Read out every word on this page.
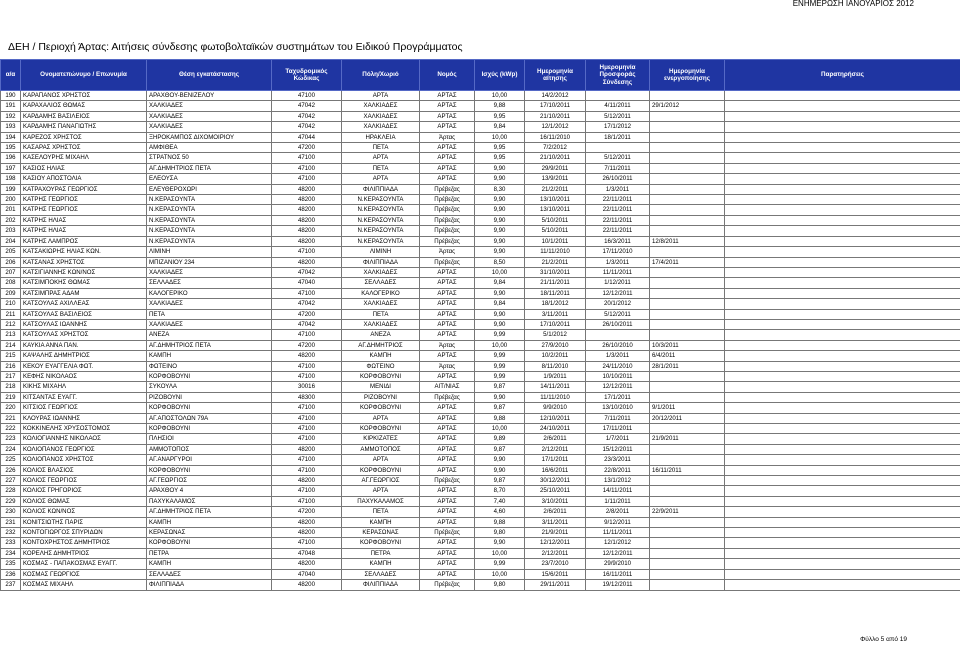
ΕΝΗΜΕΡΩΣΗ ΙΑΝΟΥΑΡΙΟΣ 2012
ΔΕΗ / Περιοχή Άρτας: Αιτήσεις σύνδεσης φωτοβολταϊκών συστημάτων του Ειδικού Προγράμματος
α/α	Ονοματεπώνυμο / Επωνυμία	Θέση εγκατάστασης	Ταχυδρομικός Κώδικας	Πόλη/Χωριό	Νομός	Ισχύς (kWp)	Ημερομηνία αίτησης	Ημερομηνία Προσφοράς Σύνδεσης	Ημερομηνία ενεργοποίησης	Παρατηρήσεις
190	ΚΑΡΑΠΑΝΟΣ ΧΡΗΣΤΟΣ	ΑΡΑΧΘΟΥ-ΒΕΝΙΖΕΛΟΥ	47100	ΑΡΤΑ	ΑΡΤΑΣ	10,00	14/2/2012			
191	ΚΑΡΑΧΑΛΙΟΣ ΘΩΜΑΣ	ΧΑΛΚΙΑΔΕΣ	47042	ΧΑΛΚΙΑΔΕΣ	ΑΡΤΑΣ	9,88	17/10/2011	4/11/2011	29/1/2012	
192	ΚΑΡΔΑΜΗΣ ΒΑΣΙΛΕΙΟΣ	ΧΑΛΚΙΑΔΕΣ	47042	ΧΑΛΚΙΑΔΕΣ	ΑΡΤΑΣ	9,95	21/10/2011	5/12/2011		
193	ΚΑΡΔΑΜΗΣ ΠΑΝΑΓΙΩΤΗΣ	ΧΑΛΚΙΑΔΕΣ	47042	ΧΑΛΚΙΑΔΕΣ	ΑΡΤΑΣ	9,84	12/1/2012	17/1/2012		
194	ΚΑΡΕΖΟΣ ΧΡΗΣΤΟΣ	ΞΗΡΟΚΑΜΠΟΣ ΔΙΧΟΜΟΙΡΙΟΥ	47044	ΗΡΑΚΛΕΙΑ	Άρτας	10,00	16/11/2010	18/1/2011		
195	ΚΑΣΑΡΑΣ ΧΡΗΣΤΟΣ	ΑΜΦΙΘΕΑ	47200	ΠΕΤΑ	ΑΡΤΑΣ	9,95	7/2/2012			
196	ΚΑΣΕΛΟΥΡΗΣ ΜΙΧΑΗΛ	ΣΤΡΑΤΝΟΣ 50	47100	ΑΡΤΑ	ΑΡΤΑΣ	9,95	21/10/2011	5/12/2011		
197	ΚΑΣΙΟΣ ΗΛΙΑΣ	ΑΓ.ΔΗΜΗΤΡΙΟΣ ΠΕΤΑ	47100	ΠΕΤΑ	ΑΡΤΑΣ	9,90	29/9/2011	7/11/2011		
198	ΚΑΣΙΟΥ ΑΠΟΣΤΟΛΙΑ	ΕΛΕΟΥΣΑ	47100	ΑΡΤΑ	ΑΡΤΑΣ	9,90	13/9/2011	26/10/2011		
199	ΚΑΤΡΑΧΟΥΡΑΣ ΓΕΩΡΓΙΟΣ	ΕΛΕΥΘΕΡΟΧΩΡΙ	48200	ΦΙΛΙΠΠΙΑΔΑ	Πρέβεζας	8,30	21/2/2011	1/3/2011		
200	ΚΑΤΡΗΣ ΓΕΩΡΓΙΟΣ	Ν.ΚΕΡΑΣΟΥΝΤΑ	48200	Ν.ΚΕΡΑΣΟΥΝΤΑ	Πρέβεζας	9,90	13/10/2011	22/11/2011		
201	ΚΑΤΡΗΣ ΓΕΩΡΓΙΟΣ	Ν.ΚΕΡΑΣΟΥΝΤΑ	48200	Ν.ΚΕΡΑΣΟΥΝΤΑ	Πρέβεζας	9,90	13/10/2011	22/11/2011		
202	ΚΑΤΡΗΣ ΗΛΙΑΣ	Ν.ΚΕΡΑΣΟΥΝΤΑ	48200	Ν.ΚΕΡΑΣΟΥΝΤΑ	Πρέβεζας	9,90	5/10/2011	22/11/2011		
203	ΚΑΤΡΗΣ ΗΛΙΑΣ	Ν.ΚΕΡΑΣΟΥΝΤΑ	48200	Ν.ΚΕΡΑΣΟΥΝΤΑ	Πρέβεζας	9,90	5/10/2011	22/11/2011		
204	ΚΑΤΡΗΣ ΛΑΜΠΡΟΣ	Ν.ΚΕΡΑΣΟΥΝΤΑ	48200	Ν.ΚΕΡΑΣΟΥΝΤΑ	Πρέβεζας	9,90	10/1/2011	16/3/2011	12/8/2011	
205	ΚΑΤΣΑΚΙΩΡΗΣ ΗΛΙΑΣ ΚΩΝ.	ΛΙΜΙΝΗ	47100	ΛΙΜΙΝΗ	Άρτας	9,90	11/11/2010	17/11/2010		
206	ΚΑΤΣΑΝΑΣ ΧΡΗΣΤΟΣ	ΜΠΙΖΑΝΙΟΥ 234	48200	ΦΙΛΙΠΠΙΑΔΑ	Πρέβεζας	8,50	21/2/2011	1/3/2011	17/4/2011	
207	ΚΑΤΣΙΓΙΑΝΝΗΣ ΚΩΝ/ΝΟΣ	ΧΑΛΚΙΑΔΕΣ	47042	ΧΑΛΚΙΑΔΕΣ	ΑΡΤΑΣ	10,00	31/10/2011	11/11/2011		
208	ΚΑΤΣΙΜΠΟΚΗΣ ΘΩΜΑΣ	ΣΕΛΛΑΔΕΣ	47040	ΣΕΛΛΑΔΕΣ	ΑΡΤΑΣ	9,84	21/11/2011	1/12/2011		
209	ΚΑΤΣΙΜΠΡΑΣ ΑΔΑΜ	ΚΑΛΟΓΕΡΙΚΟ	47100	ΚΑΛΟΓΕΡΙΚΟ	ΑΡΤΑΣ	9,90	18/11/2011	12/12/2011		
210	ΚΑΤΣΟΥΛΑΣ ΑΧΙΛΛΕΑΣ	ΧΑΛΚΙΑΔΕΣ	47042	ΧΑΛΚΙΑΔΕΣ	ΑΡΤΑΣ	9,84	18/1/2012	20/1/2012		
211	ΚΑΤΣΟΥΛΑΣ ΒΑΣΙΛΕΙΟΣ	ΠΕΤΑ	47200	ΠΕΤΑ	ΑΡΤΑΣ	9,90	3/11/2011	5/12/2011		
212	ΚΑΤΣΟΥΛΑΣ ΙΩΑΝΝΗΣ	ΧΑΛΚΙΑΔΕΣ	47042	ΧΑΛΚΙΑΔΕΣ	ΑΡΤΑΣ	9,90	17/10/2011	26/10/2011		
213	ΚΑΤΣΟΥΛΑΣ ΧΡΗΣΤΟΣ	ΑΝΕΖΑ	47100	ΑΝΕΖΑ	ΑΡΤΑΣ	9,99	5/1/2012			
214	ΚΑΥΚΙΑ ΑΝΝΑ ΠΑΝ.	ΑΓ.ΔΗΜΗΤΡΙΟΣ ΠΕΤΑ	47200	ΑΓ.ΔΗΜΗΤΡΙΟΣ	Άρτας	10,00	27/9/2010	26/10/2010	10/3/2011	
215	ΚΑΨΑΛΗΣ ΔΗΜΗΤΡΙΟΣ	ΚΑΜΠΗ	48200	ΚΑΜΠΗ	ΑΡΤΑΣ	9,99	10/2/2011	1/3/2011	6/4/2011	
216	ΚΕΚΟΥ ΕΥΑΓΓΕΛΙΑ ΦΩΤ.	ΦΩΤΕΙΝΟ	47100	ΦΩΤΕΙΝΟ	Άρτας	9,99	8/11/2010	24/11/2010	28/1/2011	
217	ΚΕΦΗΣ ΝΙΚΟΛΑΟΣ	ΚΟΡΦΟΒΟΥΝΙ	47100	ΚΟΡΦΟΒΟΥΝΙ	ΑΡΤΑΣ	9,99	1/9/2011	10/10/2011		
218	ΚΙΚΗΣ ΜΙΧΑΗΛ	ΣΥΚΟΥΛΑ	30016	ΜΕΝΙΔΙ	ΑΙΤ/ΝΙΑΣ	9,87	14/11/2011	12/12/2011		
219	ΚΙΤΣΑΝΤΑΣ ΕΥΑΓΓ.	ΡΙΖΟΒΟΥΝΙ	48300	ΡΙΖΟΒΟΥΝΙ	Πρέβεζας	9,90	11/11/2010	17/1/2011		
220	ΚΙΤΣΙΟΣ ΓΕΩΡΓΙΟΣ	ΚΟΡΦΟΒΟΥΝΙ	47100	ΚΟΡΦΟΒΟΥΝΙ	ΑΡΤΑΣ	9,87	9/9/2010	13/10/2010	9/1/2011	
221	ΚΛΟΥΡΑΣ ΙΩΑΝΝΗΣ	ΑΓ.ΑΠΟΣΤΟΛΩΝ 79Α	47100	ΑΡΤΑ	ΑΡΤΑΣ	9,88	12/10/2011	7/11/2011	20/12/2011	
222	ΚΟΚΚΙΝΕΛΗΣ ΧΡΥΣΟΣΤΟΜΟΣ	ΚΟΡΦΟΒΟΥΝΙ	47100	ΚΟΡΦΟΒΟΥΝΙ	ΑΡΤΑΣ	10,00	24/10/2011	17/11/2011		
223	ΚΟΛΙΟΓΙΑΝΝΗΣ ΝΙΚΟΛΑΟΣ	ΠΛΗΣΙΟΙ	47100	ΚΙΡΚΙΖΑΤΕΣ	ΑΡΤΑΣ	9,89	2/6/2011	1/7/2011	21/9/2011	
224	ΚΟΛΙΟΠΑΝΟΣ ΓΕΩΡΓΙΟΣ	ΑΜΜΟΤΟΠΟΣ	48200	ΑΜΜΟΤΟΠΟΣ	ΑΡΤΑΣ	9,87	2/12/2011	15/12/2011		
225	ΚΟΛΙΟΠΑΝΟΣ ΧΡΗΣΤΟΣ	ΑΓ.ΑΝΑΡΓΥΡΟΙ	47100	ΑΡΤΑ	ΑΡΤΑΣ	9,90	17/1/2011	23/3/2011		
226	ΚΟΛΙΟΣ ΒΛΑΣΙΟΣ	ΚΟΡΦΟΒΟΥΝΙ	47100	ΚΟΡΦΟΒΟΥΝΙ	ΑΡΤΑΣ	9,90	16/6/2011	22/8/2011	16/11/2011	
227	ΚΟΛΙΟΣ ΓΕΩΡΓΙΟΣ	ΑΓ.ΓΕΩΡΓΙΟΣ	48200	ΑΓ.ΓΕΩΡΓΙΟΣ	Πρέβεζας	9,87	30/12/2011	13/1/2012		
228	ΚΟΛΙΟΣ ΓΡΗΓΟΡΙΟΣ	ΑΡΑΧΘΟΥ 4	47100	ΑΡΤΑ	ΑΡΤΑΣ	8,70	25/10/2011	14/11/2011		
229	ΚΟΛΙΟΣ ΘΩΜΑΣ	ΠΑΧΥΚΑΛΑΜΟΣ	47100	ΠΑΧΥΚΑΛΑΜΟΣ	ΑΡΤΑΣ	7,40	3/10/2011	1/11/2011		
230	ΚΟΛΙΟΣ ΚΩΝ/ΝΟΣ	ΑΓ.ΔΗΜΗΤΡΙΟΣ ΠΕΤΑ	47200	ΠΕΤΑ	ΑΡΤΑΣ	4,60	2/6/2011	2/8/2011	22/9/2011	
231	ΚΟΝΙΤΣΙΩΤΗΣ ΠΑΡΙΣ	ΚΑΜΠΗ	48200	ΚΑΜΠΗ	ΑΡΤΑΣ	9,88	3/11/2011	9/12/2011		
232	ΚΟΝΤΟΓΙΩΡΓΟΣ ΣΠΥΡΙΔΩΝ	ΚΕΡΑΣΩΝΑΣ	48200	ΚΕΡΑΣΩΝΑΣ	Πρέβεζας	9,80	21/9/2011	11/11/2011		
233	ΚΟΝΤΟΧΡΗΣΤΟΣ ΔΗΜΗΤΡΙΟΣ	ΚΟΡΦΟΒΟΥΝΙ	47100	ΚΟΡΦΟΒΟΥΝΙ	ΑΡΤΑΣ	9,90	12/12/2011	12/1/2012		
234	ΚΟΡΕΛΗΣ ΔΗΜΗΤΡΙΟΣ	ΠΕΤΡΑ	47048	ΠΕΤΡΑ	ΑΡΤΑΣ	10,00	2/12/2011	12/12/2011		
235	ΚΟΣΜΑΣ - ΠΑΠΑΚΟΣΜΑΣ ΕΥΑΓΓ.	ΚΑΜΠΗ	48200	ΚΑΜΠΗ	ΑΡΤΑΣ	9,99	23/7/2010	29/9/2010		
236	ΚΟΣΜΑΣ ΓΕΩΡΓΙΟΣ	ΣΕΛΛΑΔΕΣ	47040	ΣΕΛΛΑΔΕΣ	ΑΡΤΑΣ	10,00	15/6/2011	16/11/2011		
237	ΚΟΣΜΑΣ ΜΙΧΑΗΛ	ΦΙΛΙΠΠΙΑΔΑ	48200	ΦΙΛΙΠΠΙΑΔΑ	Πρέβεζας	9,80	29/11/2011	19/12/2011		
Φύλλο 5 από 19
